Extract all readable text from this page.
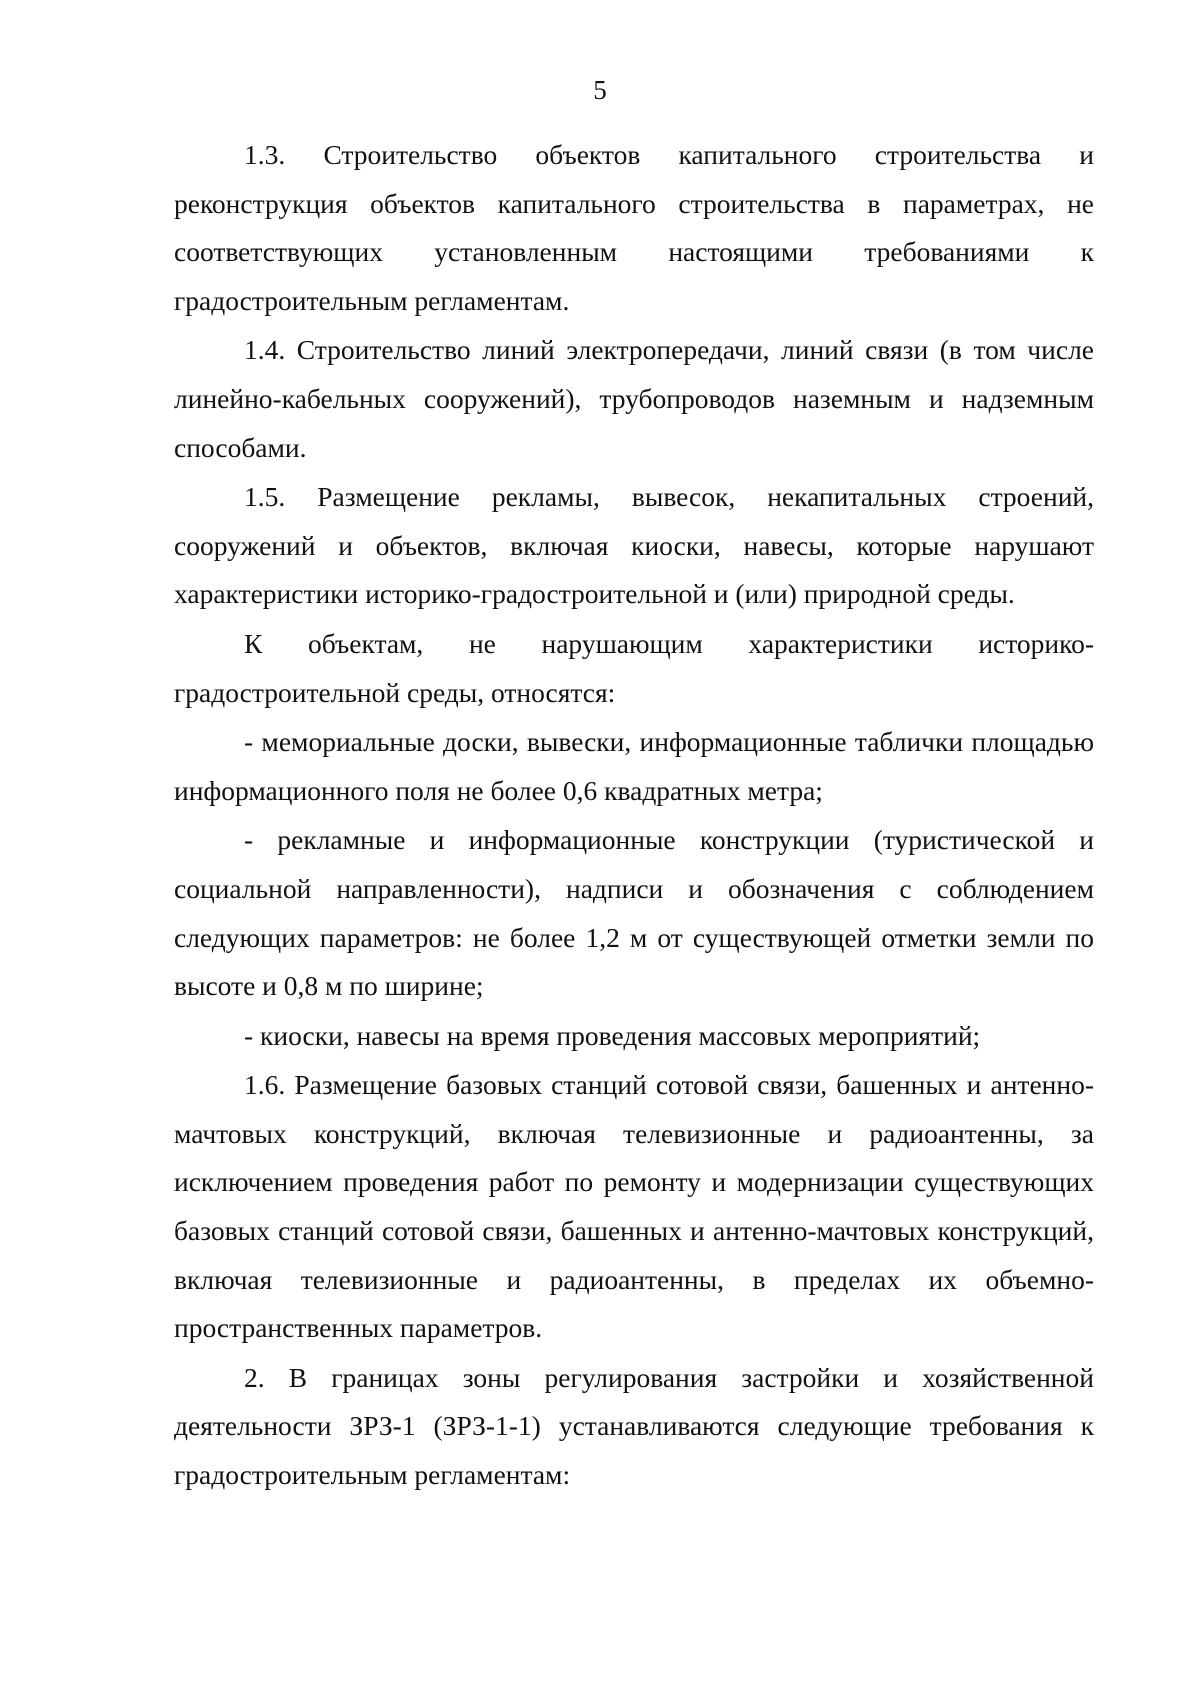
5

1.3. Строительство объектов капитального строительства и реконструкция объектов капитального строительства в параметрах, не соответствующих установленным настоящими требованиями к градостроительным регламентам.

1.4. Строительство линий электропередачи, линий связи (в том числе линейно-кабельных сооружений), трубопроводов наземным и надземным способами.

1.5. Размещение рекламы, вывесок, некапитальных строений, сооружений и объектов, включая киоски, навесы, которые нарушают характеристики историко-градостроительной и (или) природной среды.

К объектам, не нарушающим характеристики историко-градостроительной среды, относятся:

- мемориальные доски, вывески, информационные таблички площадью информационного поля не более 0,6 квадратных метра;

- рекламные и информационные конструкции (туристической и социальной направленности), надписи и обозначения с соблюдением следующих параметров: не более 1,2 м от существующей отметки земли по высоте и 0,8 м по ширине;

- киоски, навесы на время проведения массовых мероприятий;

1.6. Размещение базовых станций сотовой связи, башенных и антенно-мачтовых конструкций, включая телевизионные и радиоантенны, за исключением проведения работ по ремонту и модернизации существующих базовых станций сотовой связи, башенных и антенно-мачтовых конструкций, включая телевизионные и радиоантенны, в пределах их объемно-пространственных параметров.

2. В границах зоны регулирования застройки и хозяйственной деятельности ЗРЗ-1 (ЗРЗ-1-1) устанавливаются следующие требования к градостроительным регламентам:
